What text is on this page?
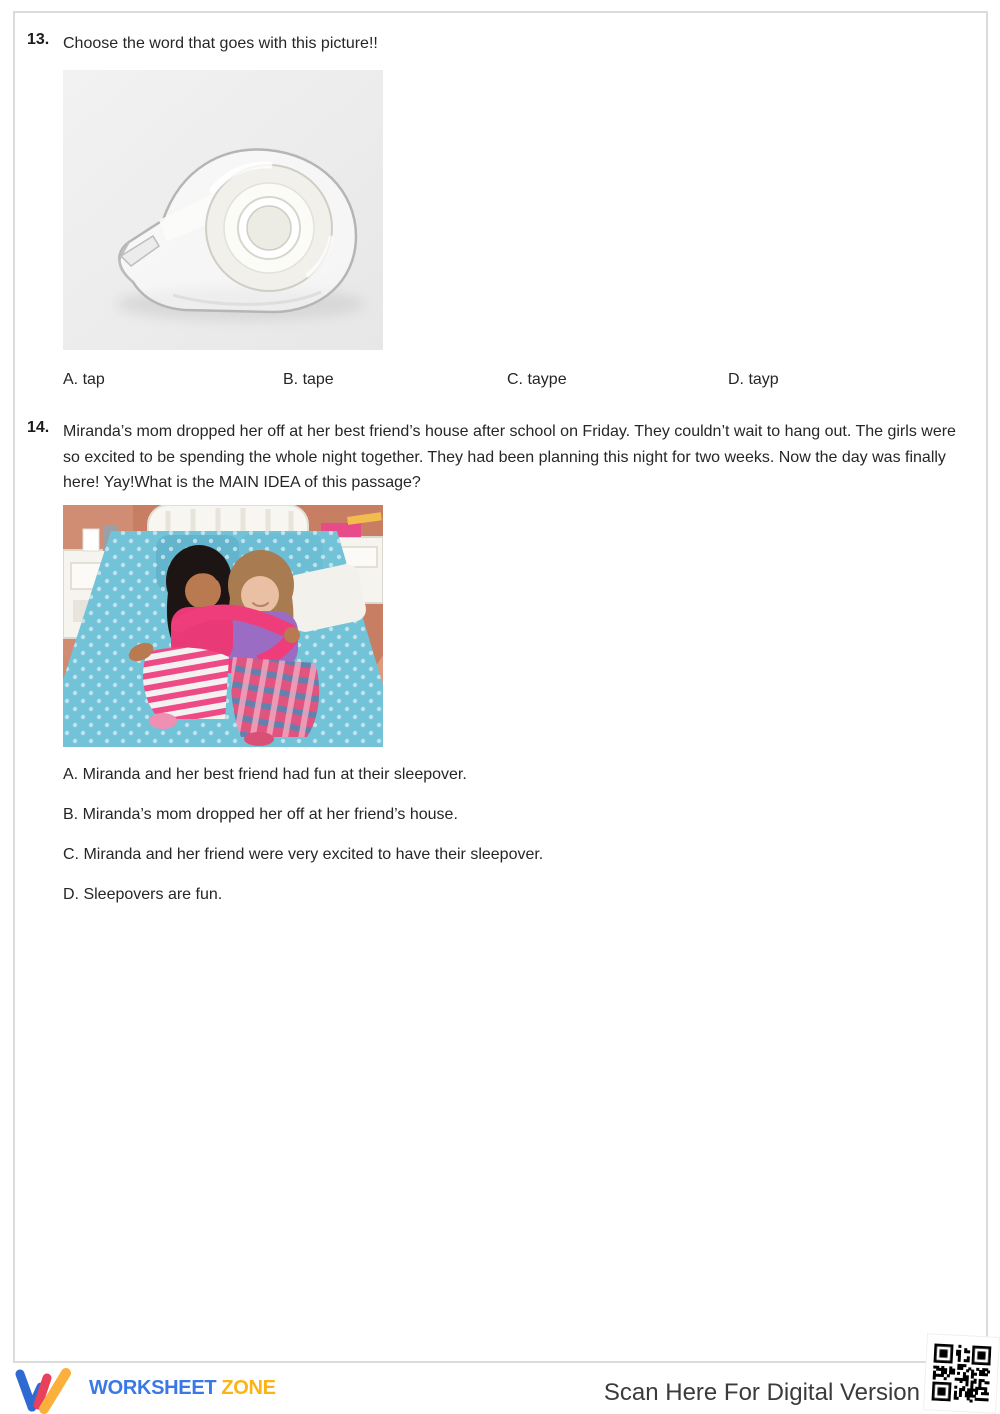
13. Choose the word that goes with this picture!!
A. tap	B. tape	C. taype	D. tayp
14. Miranda’s mom dropped her off at her best friend’s house after school on Friday. They couldn’t wait to hang out. The girls were so excited to be spending the whole night together. They had been planning this night for two weeks. Now the day was finally here! Yay!What is the MAIN IDEA of this passage?
A. Miranda and her best friend had fun at their sleepover.
B. Miranda’s mom dropped her off at her friend’s house.
C. Miranda and her friend were very excited to have their sleepover.
D. Sleepovers are fun.
WORKSHEET ZONE	Scan Here For Digital Version
